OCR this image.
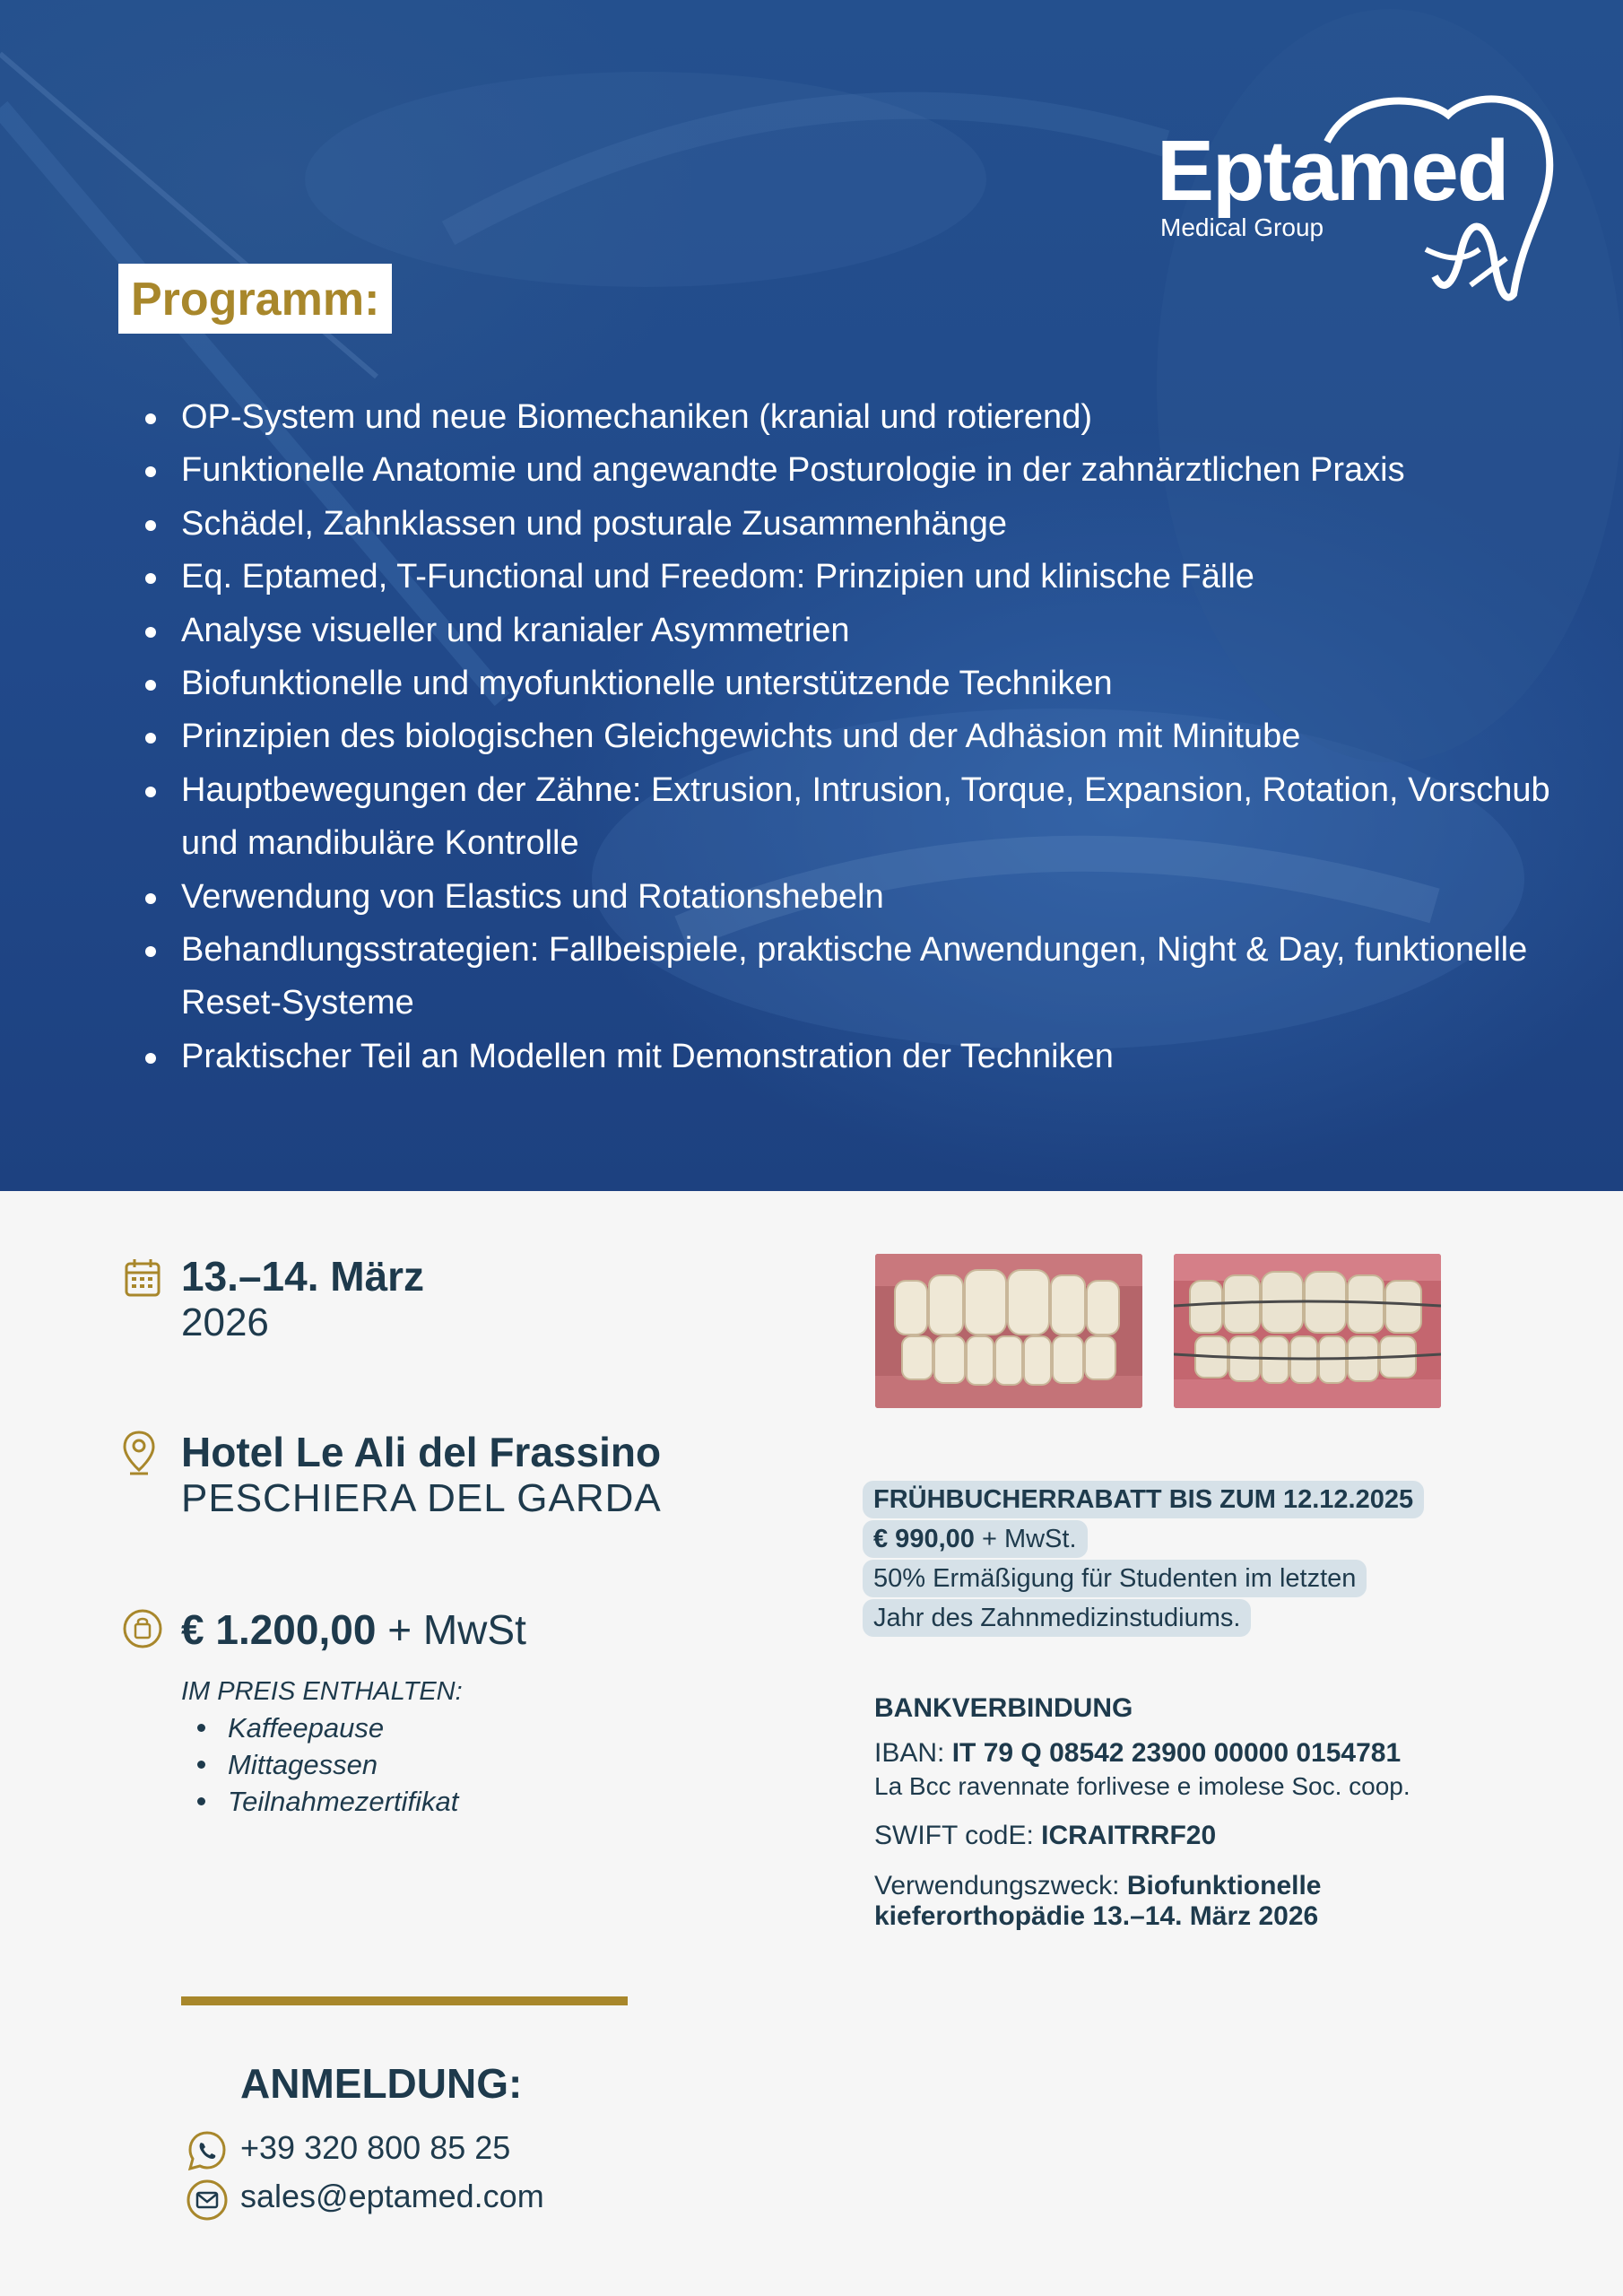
Eptamed
Medical Group
Programm:
OP-System und neue Biomechaniken (kranial und rotierend)
Funktionelle Anatomie und angewandte Posturologie in der zahnärztlichen Praxis
Schädel, Zahnklassen und posturale Zusammenhänge
Eq. Eptamed, T-Functional und Freedom: Prinzipien und klinische Fälle
Analyse visueller und kranialer Asymmetrien
Biofunktionelle und myofunktionelle unterstützende Techniken
Prinzipien des biologischen Gleichgewichts und der Adhäsion mit Minitube
Hauptbewegungen der Zähne: Extrusion, Intrusion, Torque, Expansion, Rotation, Vorschub und mandibuläre Kontrolle
Verwendung von Elastics und Rotationshebeln
Behandlungsstrategien: Fallbeispiele, praktische Anwendungen, Night & Day, funktionelle Reset-Systeme
Praktischer Teil an Modellen mit Demonstration der Techniken
13.–14. März
2026
Hotel Le Ali del Frassino
PESCHIERA DEL GARDA
€ 1.200,00 + MwSt
IM PREIS ENTHALTEN:
Kaffeepause
Mittagessen
Teilnahmezertifikat
ANMELDUNG:
+39 320 800 85 25
sales@eptamed.com
FRÜHBUCHERRABATT BIS ZUM 12.12.2025
€ 990,00 + MwSt.
50% Ermäßigung für Studenten im letzten
Jahr des Zahnmedizinstudiums.
BANKVERBINDUNG
IBAN: IT 79 Q 08542 23900 00000 0154781
La Bcc ravennate forlivese e imolese Soc. coop.
SWIFT codE: ICRAITRRF20
Verwendungszweck: Biofunktionelle
kieferorthopädie 13.–14. März 2026
